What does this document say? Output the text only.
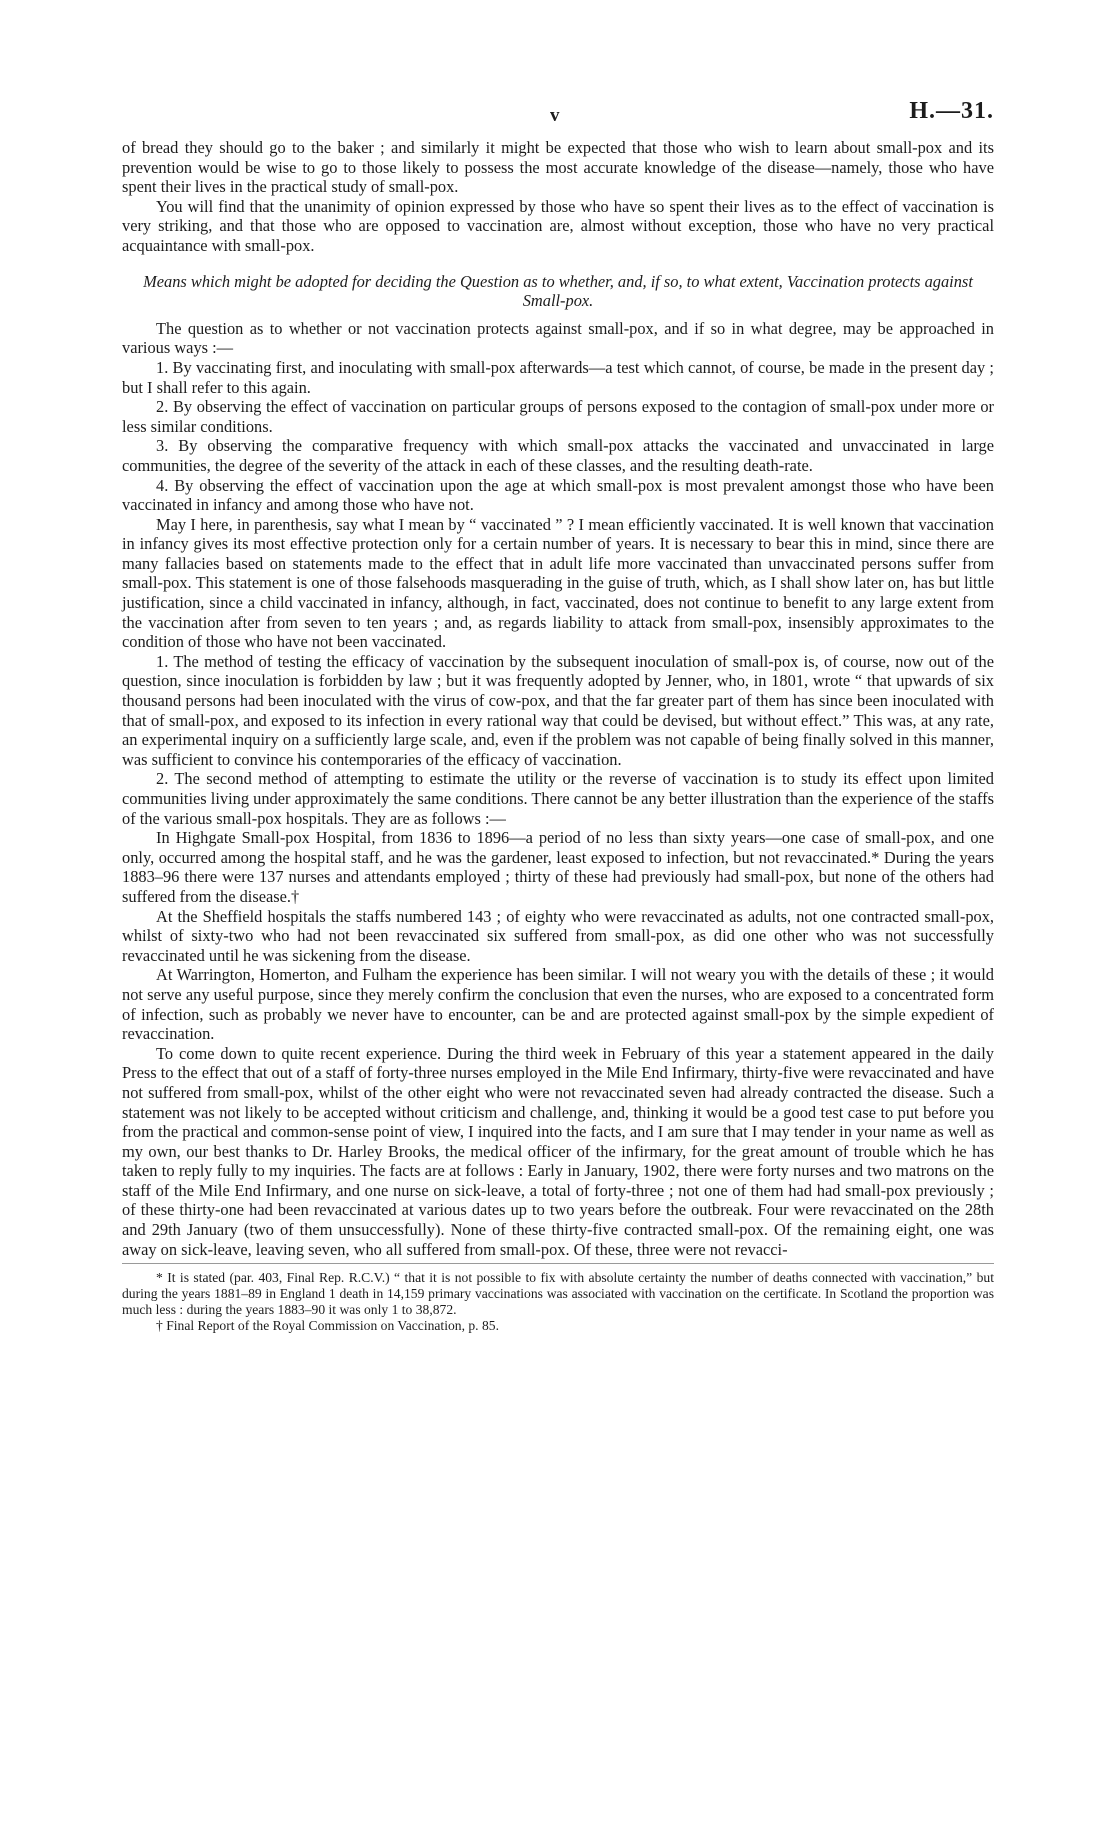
v	H.—31.

of bread they should go to the baker ; and similarly it might be expected that those who wish to learn about small-pox and its prevention would be wise to go to those likely to possess the most accurate knowledge of the disease—namely, those who have spent their lives in the practical study of small-pox.

You will find that the unanimity of opinion expressed by those who have so spent their lives as to the effect of vaccination is very striking, and that those who are opposed to vaccination are, almost without exception, those who have no very practical acquaintance with small-pox.

Means which might be adopted for deciding the Question as to whether, and, if so, to what extent, Vaccination protects against Small-pox.

The question as to whether or not vaccination protects against small-pox, and if so in what degree, may be approached in various ways :—

1. By vaccinating first, and inoculating with small-pox afterwards—a test which cannot, of course, be made in the present day ; but I shall refer to this again.

2. By observing the effect of vaccination on particular groups of persons exposed to the contagion of small-pox under more or less similar conditions.

3. By observing the comparative frequency with which small-pox attacks the vaccinated and unvaccinated in large communities, the degree of the severity of the attack in each of these classes, and the resulting death-rate.

4. By observing the effect of vaccination upon the age at which small-pox is most prevalent amongst those who have been vaccinated in infancy and among those who have not.

May I here, in parenthesis, say what I mean by “ vaccinated ” ? I mean efficiently vaccinated. It is well known that vaccination in infancy gives its most effective protection only for a certain number of years. It is necessary to bear this in mind, since there are many fallacies based on statements made to the effect that in adult life more vaccinated than unvaccinated persons suffer from small-pox. This statement is one of those falsehoods masquerading in the guise of truth, which, as I shall show later on, has but little justification, since a child vaccinated in infancy, although, in fact, vaccinated, does not continue to benefit to any large extent from the vaccination after from seven to ten years ; and, as regards liability to attack from small-pox, insensibly approximates to the condition of those who have not been vaccinated.

1. The method of testing the efficacy of vaccination by the subsequent inoculation of small-pox is, of course, now out of the question, since inoculation is forbidden by law ; but it was frequently adopted by Jenner, who, in 1801, wrote “ that upwards of six thousand persons had been inoculated with the virus of cow-pox, and that the far greater part of them has since been inoculated with that of small-pox, and exposed to its infection in every rational way that could be devised, but without effect.” This was, at any rate, an experimental inquiry on a sufficiently large scale, and, even if the problem was not capable of being finally solved in this manner, was sufficient to convince his contemporaries of the efficacy of vaccination.

2. The second method of attempting to estimate the utility or the reverse of vaccination is to study its effect upon limited communities living under approximately the same conditions. There cannot be any better illustration than the experience of the staffs of the various small-pox hospitals. They are as follows :—

In Highgate Small-pox Hospital, from 1836 to 1896—a period of no less than sixty years—one case of small-pox, and one only, occurred among the hospital staff, and he was the gardener, least exposed to infection, but not revaccinated.* During the years 1883–96 there were 137 nurses and attendants employed ; thirty of these had previously had small-pox, but none of the others had suffered from the disease.†

At the Sheffield hospitals the staffs numbered 143 ; of eighty who were revaccinated as adults, not one contracted small-pox, whilst of sixty-two who had not been revaccinated six suffered from small-pox, as did one other who was not successfully revaccinated until he was sickening from the disease.

At Warrington, Homerton, and Fulham the experience has been similar. I will not weary you with the details of these ; it would not serve any useful purpose, since they merely confirm the conclusion that even the nurses, who are exposed to a concentrated form of infection, such as probably we never have to encounter, can be and are protected against small-pox by the simple expedient of revaccination.

To come down to quite recent experience. During the third week in February of this year a statement appeared in the daily Press to the effect that out of a staff of forty-three nurses employed in the Mile End Infirmary, thirty-five were revaccinated and have not suffered from small-pox, whilst of the other eight who were not revaccinated seven had already contracted the disease. Such a statement was not likely to be accepted without criticism and challenge, and, thinking it would be a good test case to put before you from the practical and common-sense point of view, I inquired into the facts, and I am sure that I may tender in your name as well as my own, our best thanks to Dr. Harley Brooks, the medical officer of the infirmary, for the great amount of trouble which he has taken to reply fully to my inquiries. The facts are at follows : Early in January, 1902, there were forty nurses and two matrons on the staff of the Mile End Infirmary, and one nurse on sick-leave, a total of forty-three ; not one of them had had small-pox previously ; of these thirty-one had been revaccinated at various dates up to two years before the outbreak. Four were revaccinated on the 28th and 29th January (two of them unsuccessfully). None of these thirty-five contracted small-pox. Of the remaining eight, one was away on sick-leave, leaving seven, who all suffered from small-pox. Of these, three were not revacci-

* It is stated (par. 403, Final Rep. R.C.V.) “ that it is not possible to fix with absolute certainty the number of deaths connected with vaccination,” but during the years 1881–89 in England 1 death in 14,159 primary vaccinations was associated with vaccination on the certificate. In Scotland the proportion was much less : during the years 1883–90 it was only 1 to 38,872.

† Final Report of the Royal Commission on Vaccination, p. 85.
